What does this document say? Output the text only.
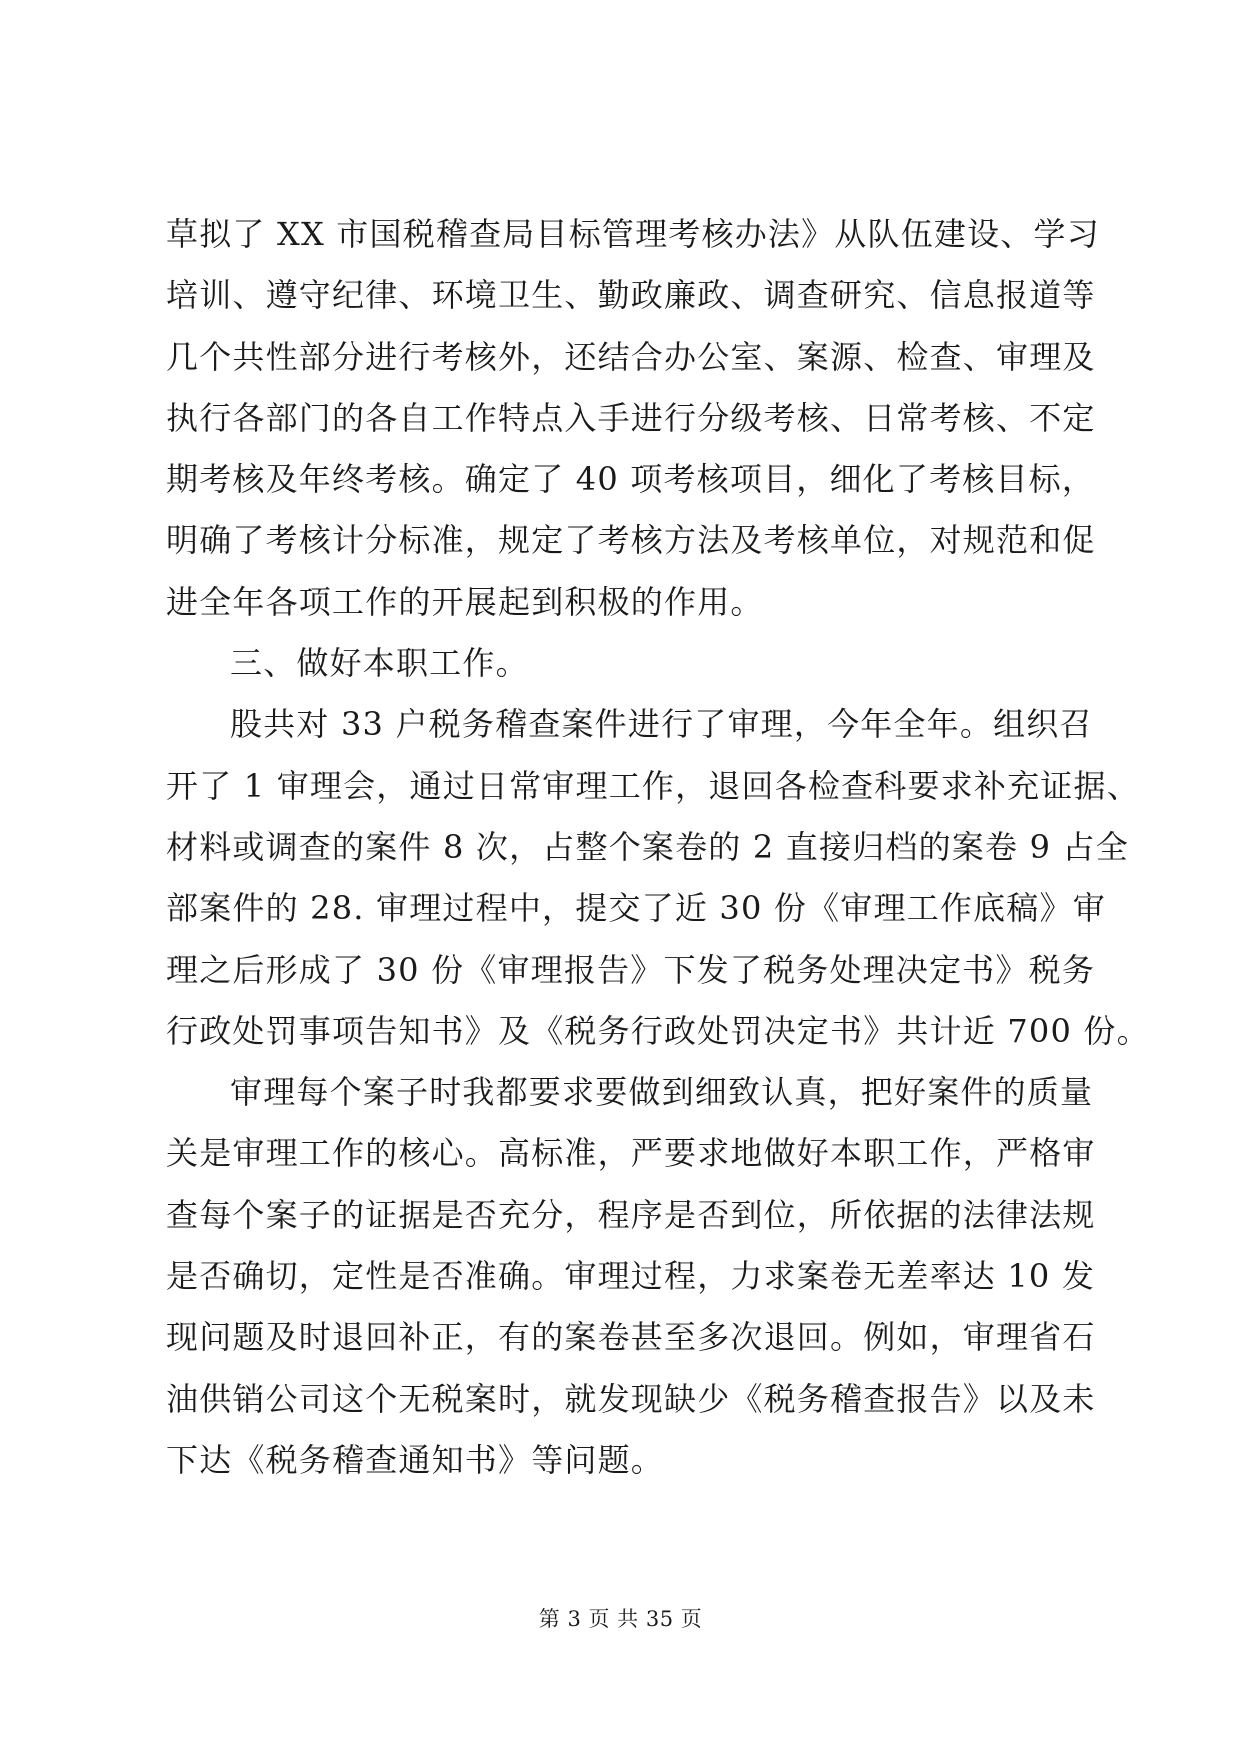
草拟了 XX 市国税稽查局目标管理考核办法》从队伍建设、学习
培训、遵守纪律、环境卫生、勤政廉政、调查研究、信息报道等
几个共性部分进行考核外，还结合办公室、案源、检查、审理及
执行各部门的各自工作特点入手进行分级考核、日常考核、不定
期考核及年终考核。确定了 40 项考核项目，细化了考核目标，
明确了考核计分标准，规定了考核方法及考核单位，对规范和促
进全年各项工作的开展起到积极的作用。
三、做好本职工作。
股共对 33 户税务稽查案件进行了审理，今年全年。组织召
开了 1 审理会，通过日常审理工作，退回各检查科要求补充证据、
材料或调查的案件 8 次，占整个案卷的 2 直接归档的案卷 9 占全
部案件的 28. 审理过程中，提交了近 30 份《审理工作底稿》审
理之后形成了 30 份《审理报告》下发了税务处理决定书》税务
行政处罚事项告知书》及《税务行政处罚决定书》共计近 700 份。
审理每个案子时我都要求要做到细致认真，把好案件的质量
关是审理工作的核心。高标准，严要求地做好本职工作，严格审
查每个案子的证据是否充分，程序是否到位，所依据的法律法规
是否确切，定性是否准确。审理过程，力求案卷无差率达 10 发
现问题及时退回补正，有的案卷甚至多次退回。例如，审理省石
油供销公司这个无税案时，就发现缺少《税务稽查报告》以及未
下达《税务稽查通知书》等问题。
第 3 页 共 35 页
